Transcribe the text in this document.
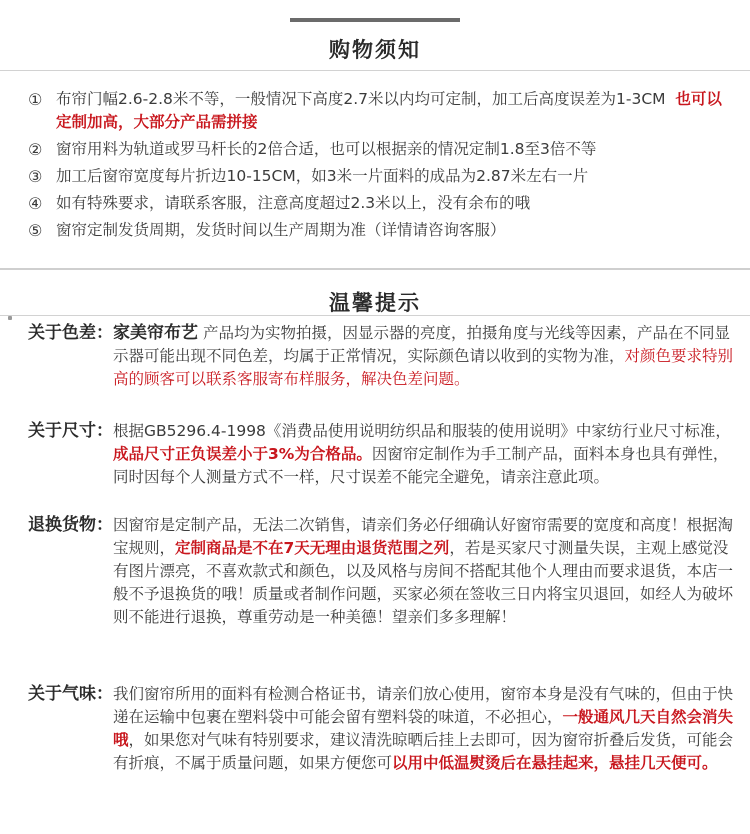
购物须知
① 布帘门幅2.6-2.8米不等，一般情况下高度2.7米以内均可定制，加工后高度误差为1-3CM 也可以定制加高，大部分产品需拼接
② 窗帘用料为轨道或罗马杆长的2倍合适，也可以根据亲的情况定制1.8至3倍不等
③ 加工后窗帘宽度每片折边10-15CM，如3米一片面料的成品为2.87米左右一片
④ 如有特殊要求，请联系客服，注意高度超过2.3米以上，没有余布的哦
⑤ 窗帘定制发货周期，发货时间以生产周期为准（详情请咨询客服）
温馨提示
关于色差： 家美帘布艺 产品均为实物拍摄，因显示器的亮度，拍摄角度与光线等因素，产品在不同显示器可能出现不同色差，均属于正常情况，实际颜色请以收到的实物为准，对颜色要求特别高的顾客可以联系客服寄布样服务，解决色差问题。
关于尺寸： 根据GB5296.4-1998《消费品使用说明纺织品和服装的使用说明》中家纺行业尺寸标准，成品尺寸正负误差小于3%为合格品。因窗帘定制作为手工制产品，面料本身也具有弹性，同时因每个人测量方式不一样，尺寸误差不能完全避免，请亲注意此项。
退换货物： 因窗帘是定制产品，无法二次销售，请亲们务必仔细确认好窗帘需要的宽度和高度！根据淘宝规则，定制商品是不在7天无理由退货范围之列，若是买家尺寸测量失误，主观上感觉没有图片漂亮，不喜欢款式和颜色，以及风格与房间不搭配其他个人理由而要求退货，本店一般不予退换货的哦！质量或者制作问题，买家必须在签收三日内将宝贝退回，如经人为破坏则不能进行退换，尊重劳动是一种美德！望亲们多多理解！
关于气味： 我们窗帘所用的面料有检测合格证书，请亲们放心使用，窗帘本身是没有气味的，但由于快递在运输中包裹在塑料袋中可能会留有塑料袋的味道，不必担心，一般通风几天自然会消失哦，如果您对气味有特别要求，建议清洗晾晒后挂上去即可，因为窗帘折叠后发货，可能会有折痕，不属于质量问题，如果方便您可以用中低温熨烫后在悬挂起来，悬挂几天便可。
